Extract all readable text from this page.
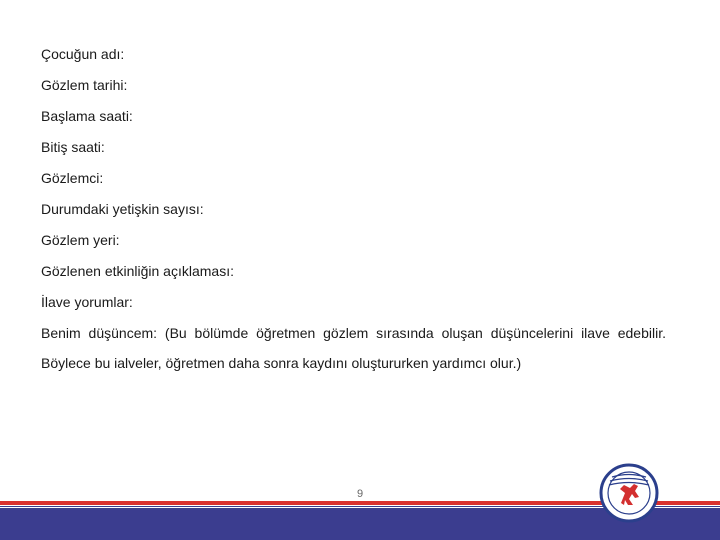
Çocuğun adı:
Gözlem tarihi:
Başlama saati:
Bitiş saati:
Gözlemci:
Durumdaki yetişkin sayısı:
Gözlem yeri:
Gözlenen etkinliğin açıklaması:
İlave yorumlar:
Benim düşüncem: (Bu bölümde öğretmen gözlem sırasında oluşan düşüncelerini ilave edebilir. Böylece bu ialveler, öğretmen daha sonra kaydını oluştururken yardımcı olur.)
9
